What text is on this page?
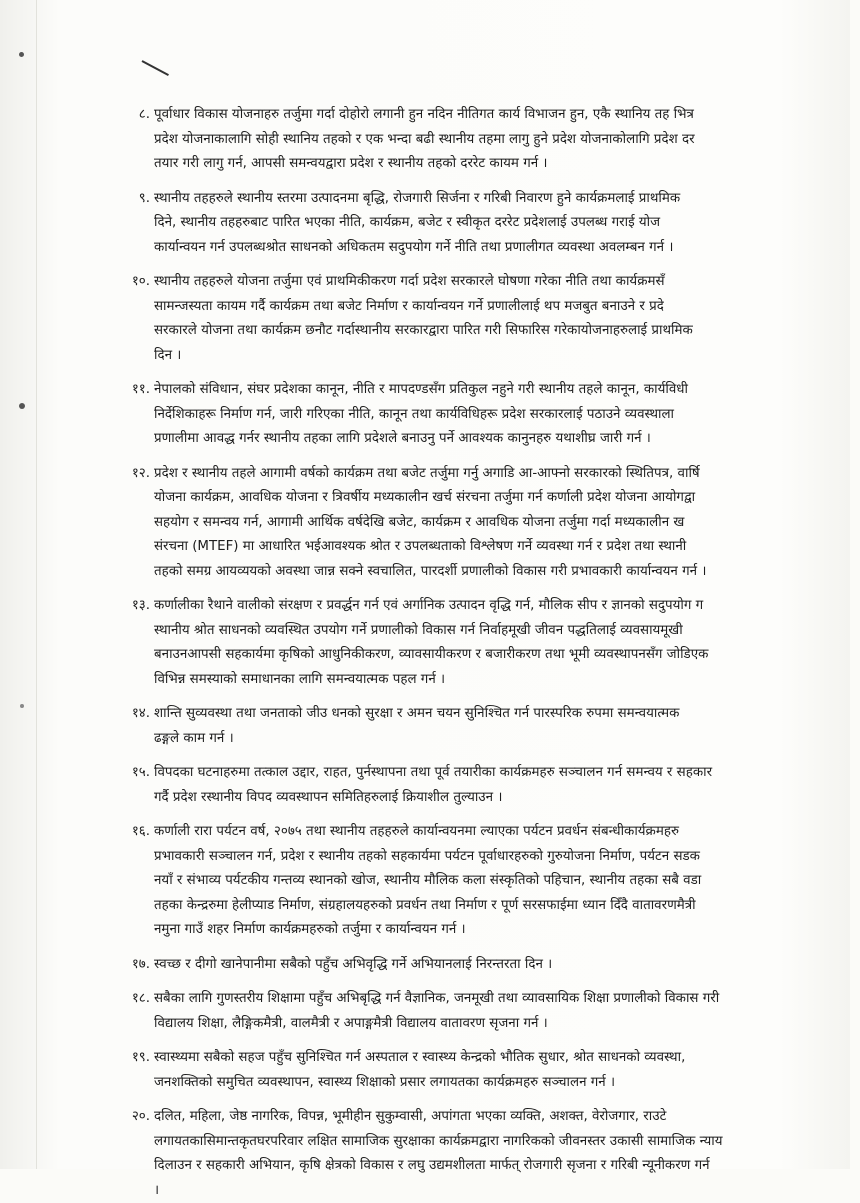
८. पूर्वाधार विकास योजनाहरु तर्जुमा गर्दा दोहोरो लगानी हुन नदिन नीतिगत कार्य विभाजन हुन, एकै स्थानिय तह भित्र
प्रदेश योजनाकालागि सोही स्थानिय तहको र एक भन्दा बढी स्थानीय तहमा लागु हुने प्रदेश योजनाकोलागि प्रदेश दर
तयार गरी लागु गर्न, आपसी समन्वयद्वारा प्रदेश र स्थानीय तहको दररेट कायम गर्न ।
९. स्थानीय तहहरुले स्थानीय स्तरमा उत्पादनमा बृद्धि, रोजगारी सिर्जना र गरिबी निवारण हुने कार्यक्रमलाई प्राथमिक
दिने, स्थानीय तहहरुबाट पारित भएका नीति, कार्यक्रम, बजेट र स्वीकृत दररेट प्रदेशलाई उपलब्ध गराई योज
कार्यान्वयन गर्न उपलब्धश्रोत साधनको अधिकतम सदुपयोग गर्ने नीति तथा प्रणालीगत व्यवस्था अवलम्बन गर्न ।
१०. स्थानीय तहहरुले योजना तर्जुमा एवं प्राथमिकीकरण गर्दा प्रदेश सरकारले घोषणा गरेका नीति तथा कार्यक्रमसँ
सामन्जस्यता कायम गर्दै कार्यक्रम तथा बजेट निर्माण र कार्यान्वयन गर्ने प्रणालीलाई थप मजबुत बनाउने र प्रदे
सरकारले योजना तथा कार्यक्रम छनौट गर्दास्थानीय सरकारद्वारा पारित गरी सिफारिस गरेकायोजनाहरुलाई प्राथमिक
दिन ।
११. नेपालको संविधान, संघर प्रदेशका कानून, नीति र मापदण्डसँग प्रतिकुल नहुने गरी स्थानीय तहले कानून, कार्यविधी
निर्देशिकाहरू निर्माण गर्न, जारी गरिएका नीति, कानून तथा कार्यविधिहरू प्रदेश सरकारलाई पठाउने व्यवस्थाला
प्रणालीमा आवद्ध गर्नर स्थानीय तहका लागि प्रदेशले बनाउनु पर्ने आवश्यक कानुनहरु यथाशीघ्र जारी गर्न ।
१२. प्रदेश र स्थानीय तहले आगामी वर्षको कार्यक्रम तथा बजेट तर्जुमा गर्नु अगाडि आ-आफ्नो सरकारको स्थितिपत्र, वार्षि
योजना कार्यक्रम, आवधिक योजना र त्रिवर्षीय मध्यकालीन खर्च संरचना तर्जुमा गर्न कर्णाली प्रदेश योजना आयोगद्वा
सहयोग र समन्वय गर्न, आगामी आर्थिक वर्षदेखि बजेट, कार्यक्रम र आवधिक योजना तर्जुमा गर्दा मध्यकालीन ख
संरचना (MTEF) मा आधारित भईआवश्यक श्रोत र उपलब्धताको विश्लेषण गर्ने व्यवस्था गर्न र प्रदेश तथा स्थानी
तहको समग्र आयव्ययको अवस्था जान्न सक्ने स्वचालित, पारदर्शी प्रणालीको विकास गरी प्रभावकारी कार्यान्वयन गर्न ।
१३. कर्णालीका रैथाने वालीको संरक्षण र प्रवर्द्धन गर्न एवं अर्गानिक उत्पादन वृद्धि गर्न, मौलिक सीप र ज्ञानको सदुपयोग ग
स्थानीय श्रोत साधनको व्यवस्थित उपयोग गर्ने प्रणालीको विकास गर्न निर्वाहमूखी जीवन पद्धतिलाई व्यवसायमूखी
बनाउनआपसी सहकार्यमा कृषिको आधुनिकीकरण, व्यावसायीकरण र बजारीकरण तथा भूमी व्यवस्थापनसँग जोडिएक
विभिन्न समस्याको समाधानका लागि समन्वयात्मक पहल गर्न ।
१४. शान्ति सुव्यवस्था तथा जनताको जीउ धनको सुरक्षा र अमन चयन सुनिश्चित गर्न पारस्परिक रुपमा समन्वयात्मक
ढङ्गले काम गर्न ।
१५. विपदका घटनाहरुमा तत्काल उद्दार, राहत, पुर्नस्थापना तथा पूर्व तयारीका कार्यक्रमहरु सञ्चालन गर्न समन्वय र सहकार
गर्दै प्रदेश रस्थानीय विपद व्यवस्थापन समितिहरुलाई क्रियाशील तुल्याउन ।
१६. कर्णाली रारा पर्यटन वर्ष, २०७५ तथा स्थानीय तहहरुले कार्यान्वयनमा ल्याएका पर्यटन प्रवर्धन संबन्धीकार्यक्रमहरु
प्रभावकारी सञ्चालन गर्न, प्रदेश र स्थानीय तहको सहकार्यमा पर्यटन पूर्वाधारहरुको गुरुयोजना निर्माण, पर्यटन सडक
नयाँ र संभाव्य पर्यटकीय गन्तव्य स्थानको खोज, स्थानीय मौलिक कला संस्कृतिको पहिचान, स्थानीय तहका सबै वडा
तहका केन्द्ररुमा हेलीप्याड निर्माण, संग्रहालयहरुको प्रवर्धन तथा निर्माण र पूर्ण सरसफाईमा ध्यान दिँदै वातावरणमैत्री
नमुना गाउँ शहर निर्माण कार्यक्रमहरुको तर्जुमा र कार्यान्वयन गर्न ।
१७. स्वच्छ र दीगो खानेपानीमा सबैको पहुँच अभिवृद्धि गर्ने अभियानलाई निरन्तरता दिन ।
१८. सबैका लागि गुणस्तरीय शिक्षामा पहुँच अभिबृद्धि गर्न वैज्ञानिक, जनमूखी तथा व्यावसायिक शिक्षा प्रणालीको विकास गरी
विद्यालय शिक्षा, लैङ्गिकमैत्री, वालमैत्री र अपाङ्गमैत्री विद्यालय वातावरण सृजना गर्न ।
१९. स्वास्थ्यमा सबैको सहज पहुँच सुनिश्चित गर्न अस्पताल र स्वास्थ्य केन्द्रको भौतिक सुधार, श्रोत साधनको व्यवस्था,
जनशक्तिको समुचित व्यवस्थापन, स्वास्थ्य शिक्षाको प्रसार लगायतका कार्यक्रमहरु सञ्चालन गर्न ।
२०. दलित, महिला, जेष्ठ नागरिक, विपन्न, भूमीहीन सुकुम्वासी, अपांगता भएका व्यक्ति, अशक्त, वेरोजगार, राउटे
लगायतकासिमान्तकृतघरपरिवार लक्षित सामाजिक सुरक्षाका कार्यक्रमद्वारा नागरिकको जीवनस्तर उकासी सामाजिक न्याय
दिलाउन र सहकारी अभियान, कृषि क्षेत्रको विकास र लघु उद्यमशीलता मार्फत् रोजगारी सृजना र गरिबी न्यूनीकरण गर्न
।
